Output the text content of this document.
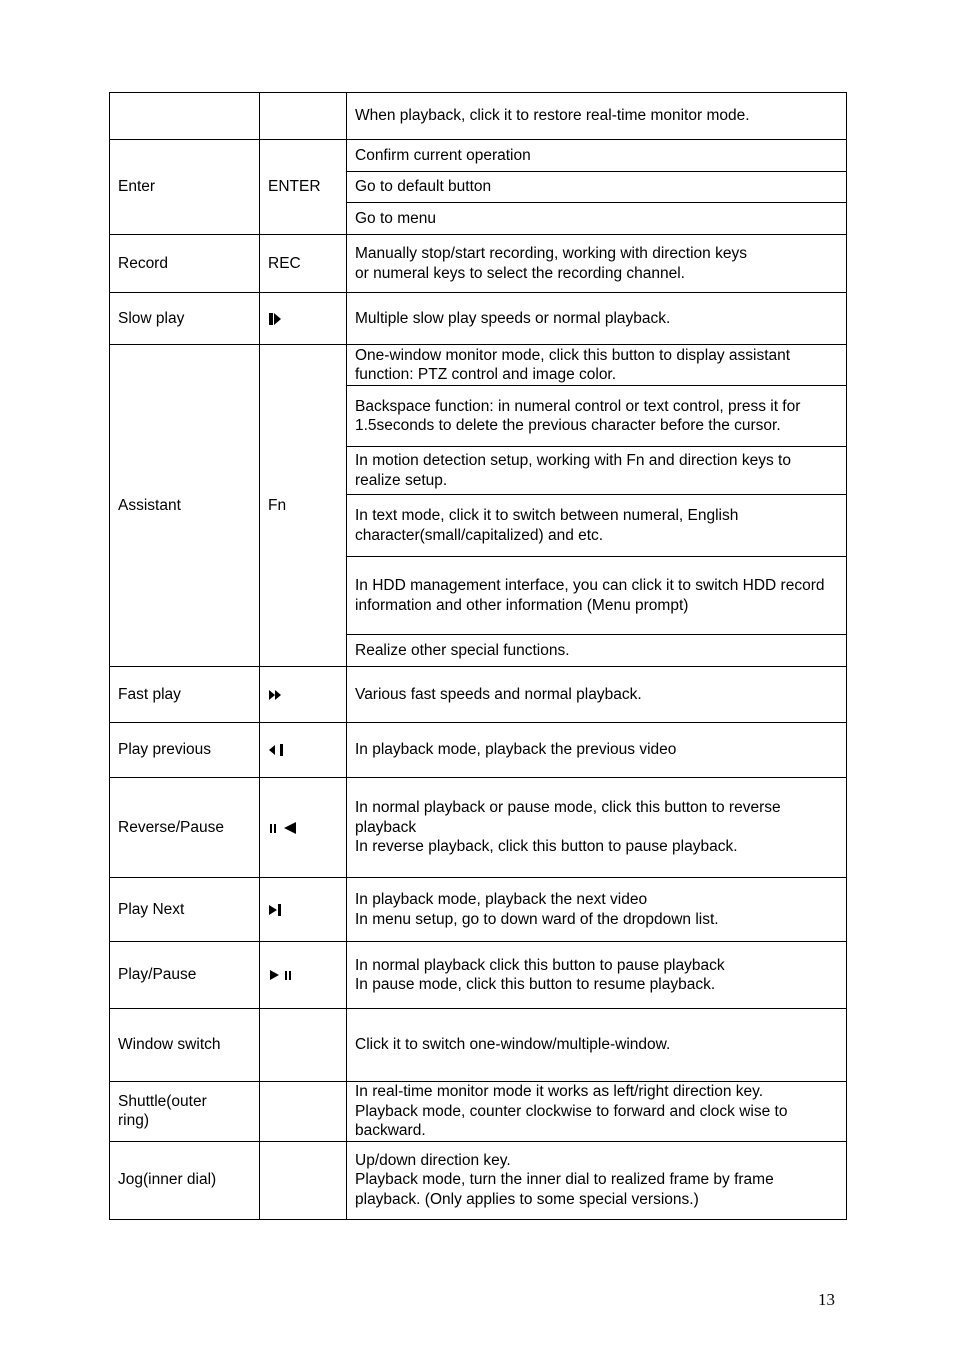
		When playback, click it to restore real-time monitor mode.
Enter	ENTER	Confirm current operation
		Go to default button
		Go to menu
Record	REC	Manually stop/start recording, working with direction keys
or numeral keys to select the recording channel.
Slow play		Multiple slow play speeds or normal playback.
Assistant	Fn	One-window monitor mode, click this button to display assistant function: PTZ control and image color.
		Backspace function: in numeral control or text control, press it for 1.5seconds to delete the previous character before the cursor.
		In motion detection setup, working with Fn and direction keys to realize setup.
		In text mode, click it to switch between numeral, English character(small/capitalized) and etc.
		In HDD management interface, you can click it to switch HDD record information and other information (Menu prompt)
		Realize other special functions.
Fast play		Various fast speeds and normal playback.
Play previous		In playback mode, playback the previous video
Reverse/Pause		In normal playback or pause mode, click this button to reverse playback
In reverse playback, click this button to pause playback.
Play Next		In playback mode, playback the next video
In menu setup, go to down ward of the dropdown list.
Play/Pause		In normal playback click this button to pause playback
In pause mode, click this button to resume playback.
Window switch		Click it to switch one-window/multiple-window.
Shuttle(outer ring)		In real-time monitor mode it works as left/right direction key.
Playback mode, counter clockwise to forward and clock wise to backward.
Jog(inner dial)		Up/down direction key.
Playback mode, turn the inner dial to realized frame by frame playback. (Only applies to some special versions.)
13
